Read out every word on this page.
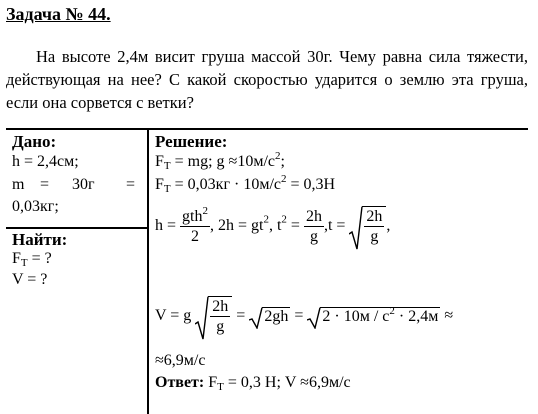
Задача № 44.
На высоте 2,4м висит груша массой 30г. Чему равна сила тяжести, действующая на нее? С какой скоростью ударится о землю эта груша, если она сорвется с ветки?
Дано:
h = 2,4см;
m = 30г =
0,03кг;
Найти:
$F_Т$ = ?
V = ?
Решение:
$F_Т$ = mg; $g \approx 10м/с^2$;
$F_Т = 0,03кг \cdot 10м/с^2 = 0,3Н$
$h = \frac{gth^2}{2}$ , $2h = gt^2$, $t^2 = \frac{2h}{g} ,t = \frac{2h}{g}$ ,
V = g $\frac{2h}{g} = 2gh = 2 \cdot 10м / с^2 \cdot 2,4м$ ≈
≈6,9м/с
Ответ: $F_Т = 0,3$ Н; V ≈6,9м/с
